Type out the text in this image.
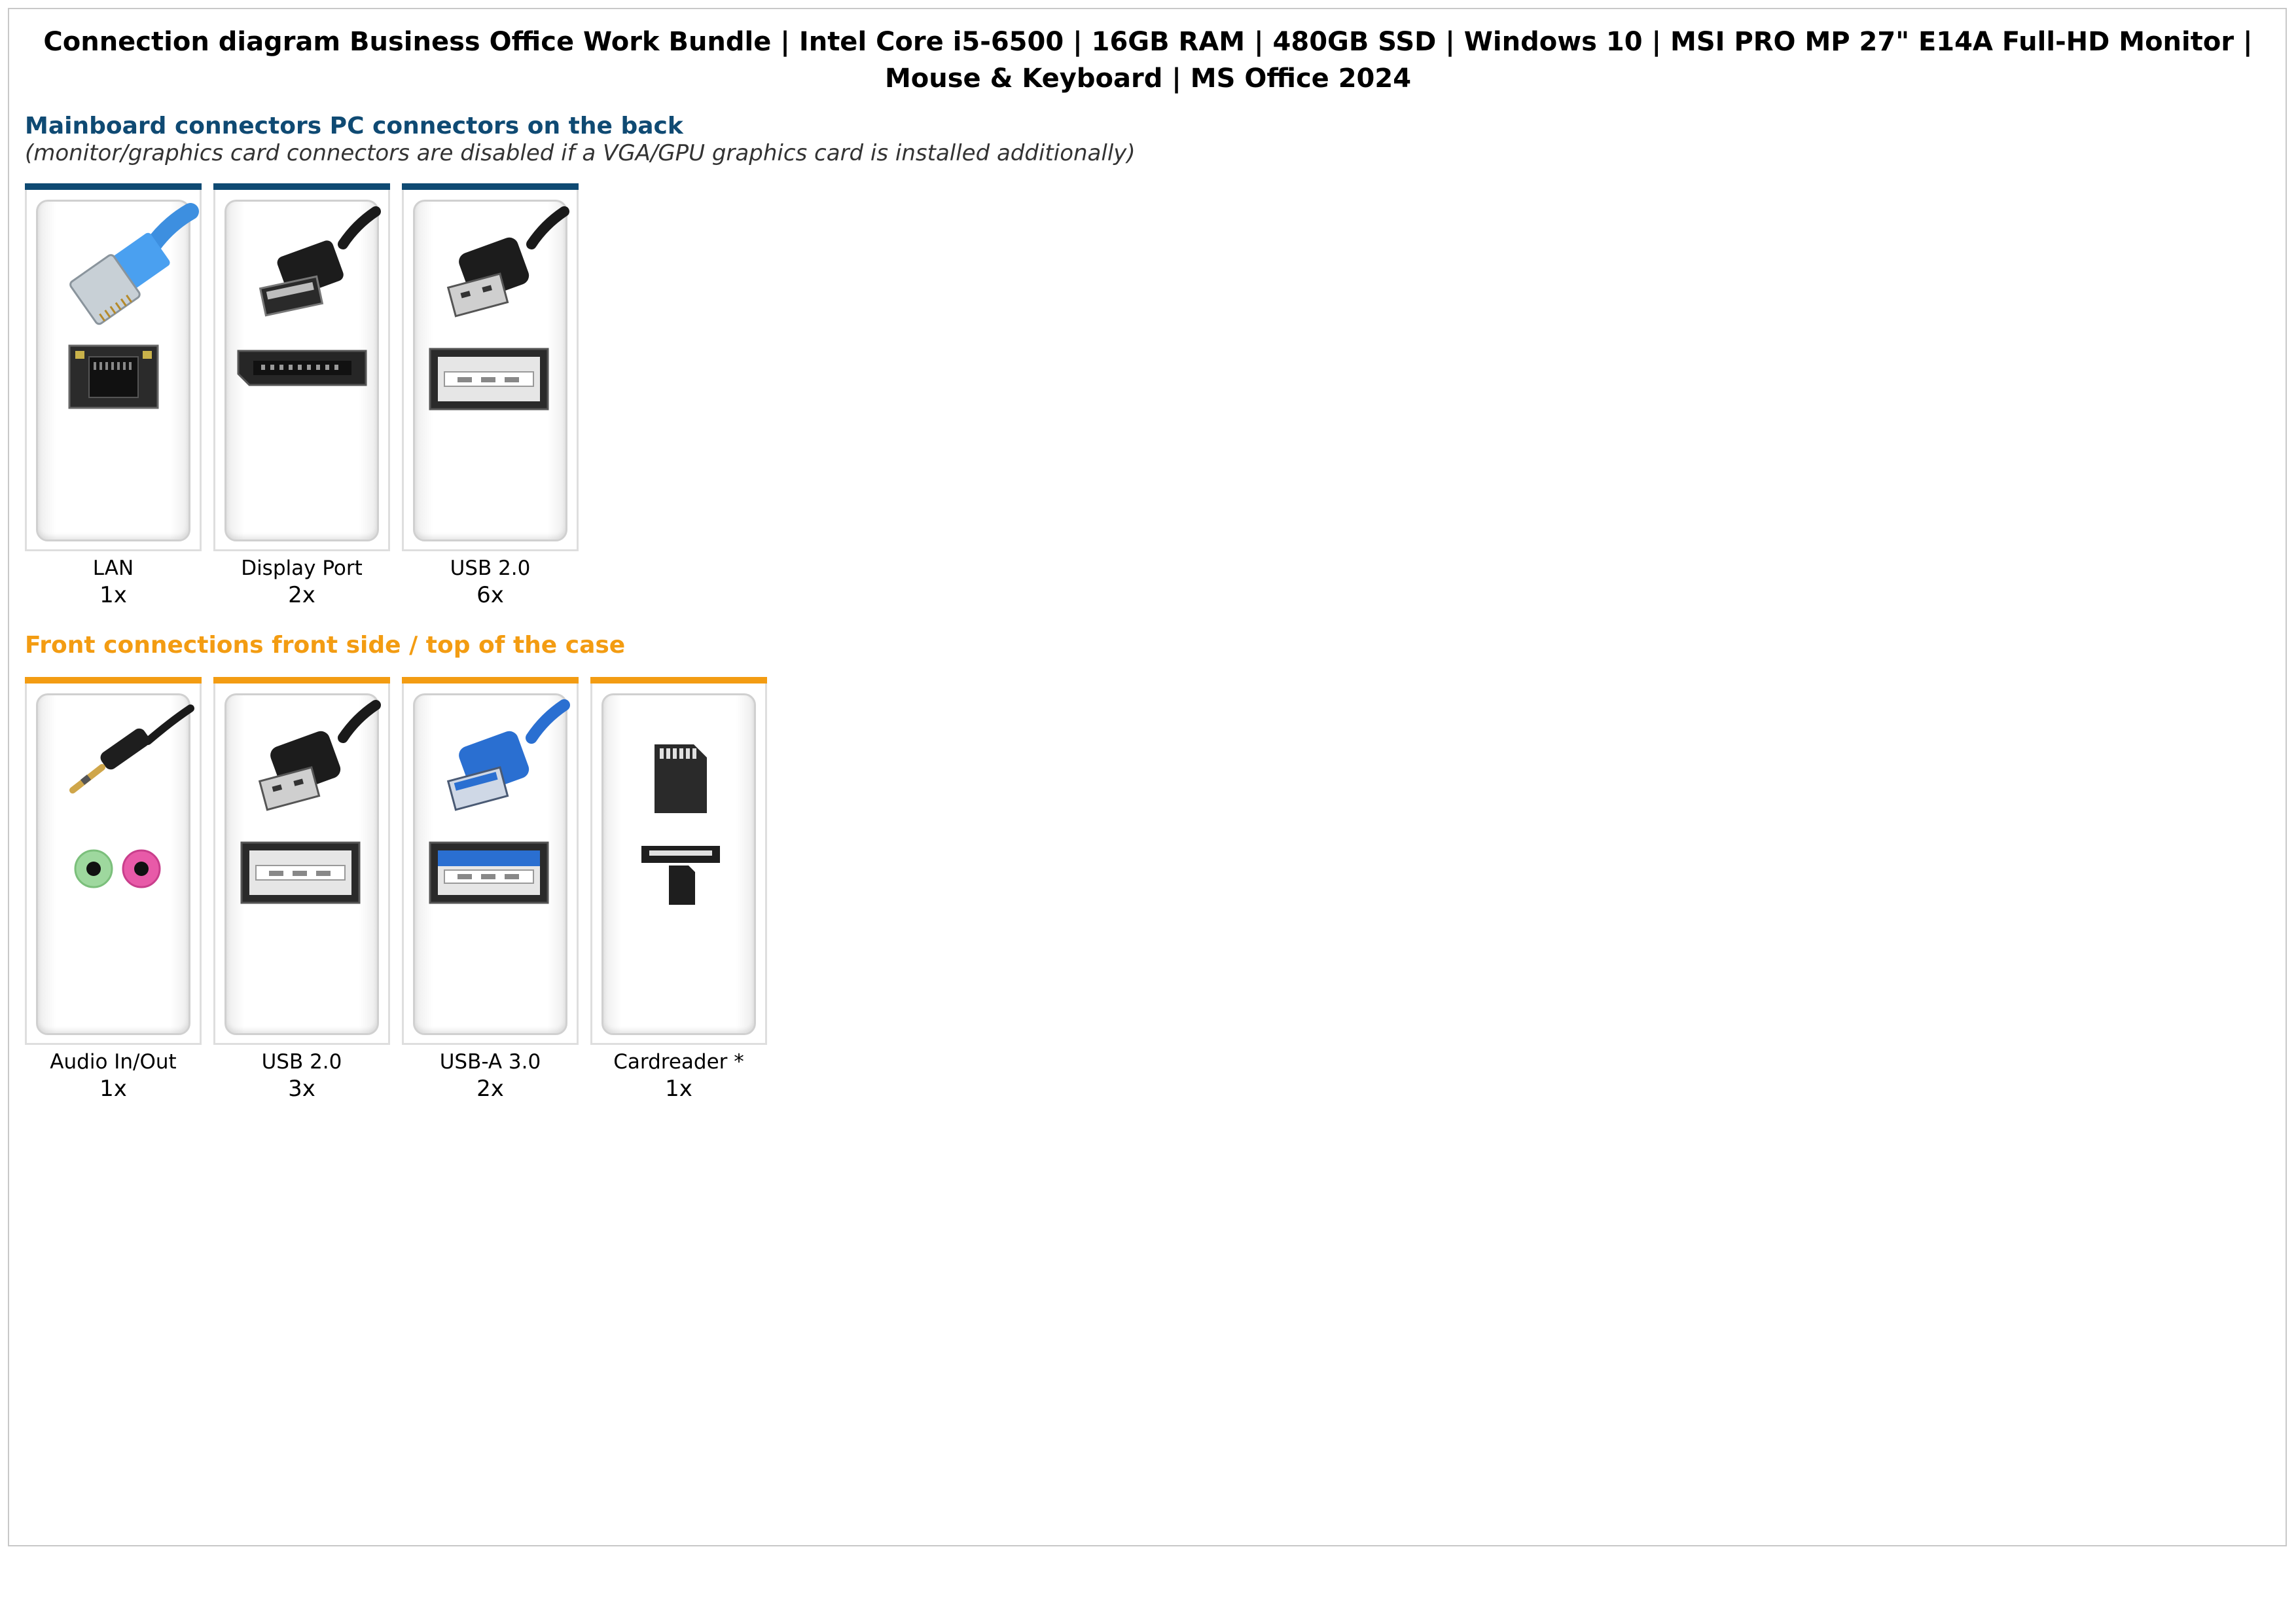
Connection diagram Business Office Work Bundle | Intel Core i5-6500 | 16GB RAM | 480GB SSD | Windows 10 | MSI PRO MP 27" E14A Full-HD Monitor | Mouse & Keyboard | MS Office 2024
Mainboard connectors PC connectors on the back

(monitor/graphics card connectors are disabled if a VGA/GPU graphics card is installed additionally)

LAN
1x
Display Port
2x
USB 2.0
6x
Front connections front side / top of the case
Audio In/Out
1x
USB 2.0
3x
USB-A 3.0
2x
Cardreader *
1x
